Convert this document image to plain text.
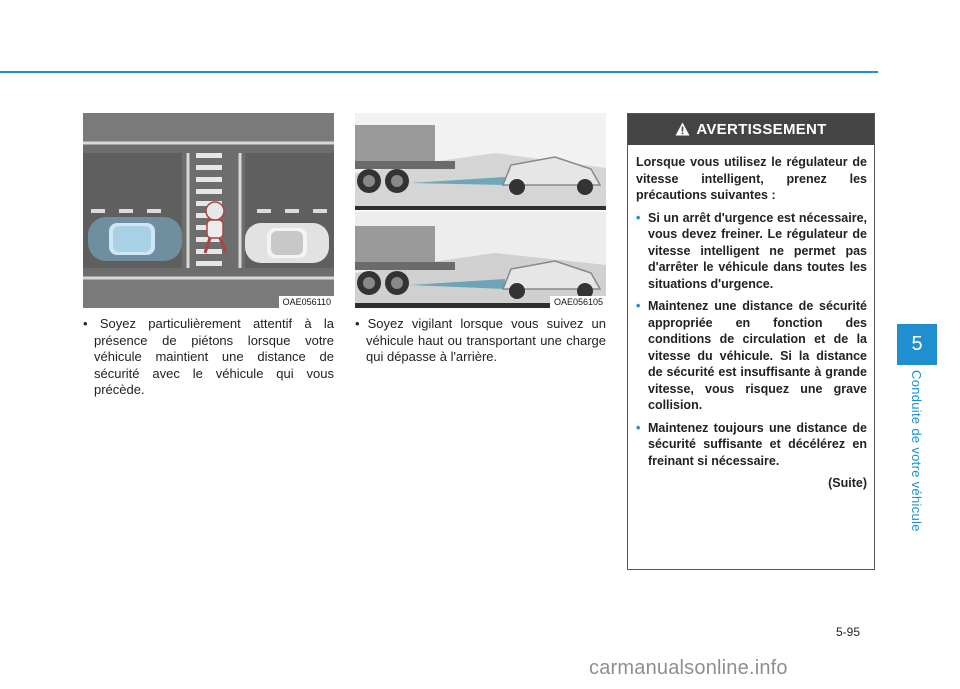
5
Conduite de votre véhicule
OAE056110	OAE056105

• Soyez particulièrement attentif à la présence de piétons lorsque votre véhicule maintient une distance de sécurité avec le véhicule qui vous précède.

• Soyez vigilant lorsque vous suivez un véhicule haut ou transportant une charge qui dépasse à l'arrière.

AVERTISSEMENT

Lorsque vous utilisez le régulateur de vitesse intelligent, prenez les précautions suivantes :

• Si un arrêt d'urgence est nécessaire, vous devez freiner. Le régulateur de vitesse intelligent ne permet pas d'arrêter le véhicule dans toutes les situations d'urgence.

• Maintenez une distance de sécurité appropriée en fonction des conditions de circulation et de la vitesse du véhicule. Si la distance de sécurité est insuffisante à grande vitesse, vous risquez une grave collision.

• Maintenez toujours une distance de sécurité suffisante et décélérez en freinant si nécessaire.

(Suite)

5-95
carmanualsonline.info
